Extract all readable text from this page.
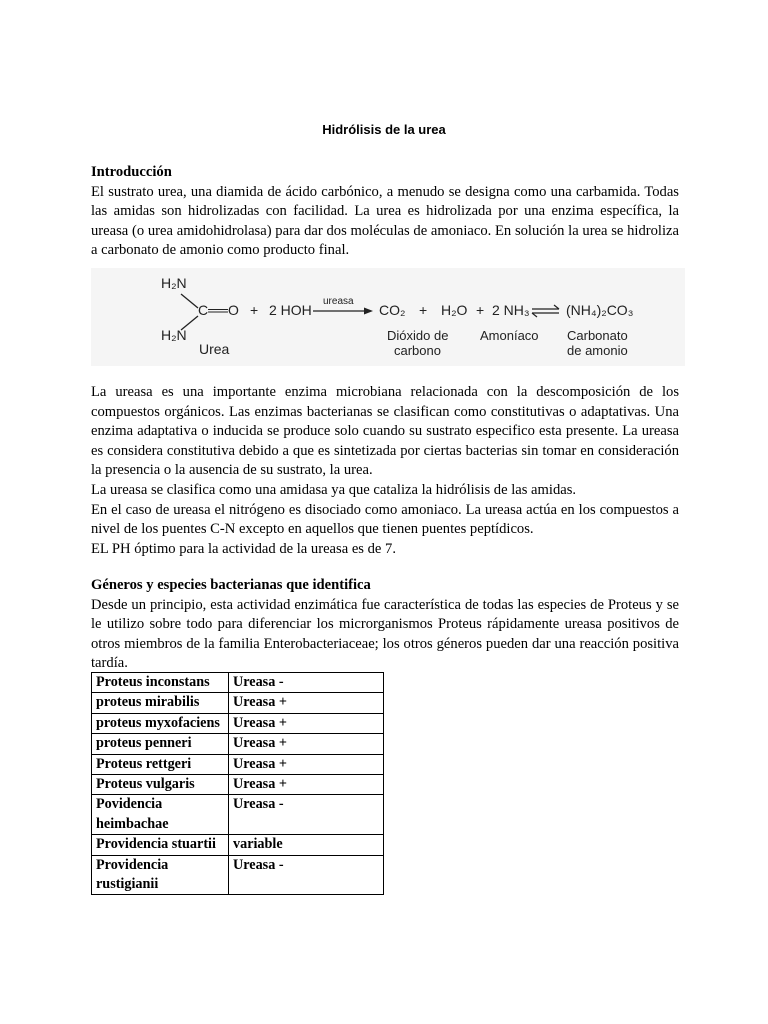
Hidrólisis de la urea
Introducción
El sustrato urea, una diamida de ácido carbónico, a menudo se designa como una carbamida. Todas las amidas son hidrolizadas con facilidad. La urea es hidrolizada por una enzima específica, la ureasa (o urea amidohidrolasa) para dar dos moléculas de amoniaco. En solución la urea se hidroliza a carbonato de amonio como producto final.
H₂N
C══O
H₂N
Urea
+ 2 HOH
ureasa
CO₂ + H₂O + 2 NH₃	(NH₄)₂CO₃
Dióxido de
carbono
Amoníaco Carbonato
de amonio
La ureasa es una importante enzima microbiana relacionada con la descomposición de los compuestos orgánicos. Las enzimas bacterianas se clasifican como constitutivas o adaptativas. Una enzima adaptativa o inducida se produce solo cuando su sustrato especifico esta presente. La ureasa es considera constitutiva debido a que es sintetizada por ciertas bacterias sin tomar en consideración la presencia o la ausencia de su sustrato, la urea.
La ureasa se clasifica como una amidasa ya que cataliza la hidrólisis de las amidas.
En el caso de ureasa el nitrógeno es disociado como amoniaco. La ureasa actúa en los compuestos a nivel de los puentes C-N excepto en aquellos que tienen puentes peptídicos.
EL PH óptimo para la actividad de la ureasa es de 7.
Géneros y especies bacterianas que identifica
Desde un principio, esta actividad enzimática fue característica de todas las especies de Proteus y se le utilizo sobre todo para diferenciar los microrganismos Proteus rápidamente ureasa positivos de otros miembros de la familia Enterobacteriaceae; los otros géneros pueden dar una reacción positiva tardía.
Proteus inconstans	Ureasa -
proteus mirabilis	Ureasa +
proteus myxofaciens	Ureasa +
proteus penneri	Ureasa +
Proteus rettgeri	Ureasa +
Proteus vulgaris	Ureasa +
Povidencia heimbachae	Ureasa -
Providencia stuartii	variable
Providencia rustigianii	Ureasa -
